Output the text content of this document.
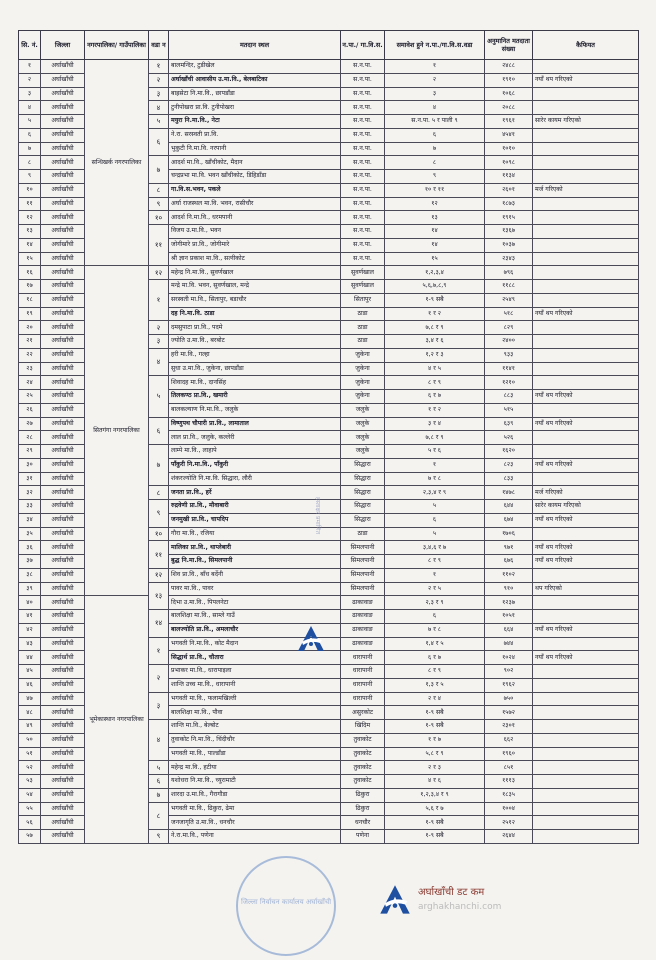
सि. नं.	जिल्ला	नगरपालिका/ गाउँपालिका	वडा न	मतदान स्थल	न.पा./ गा.वि.स.	समावेश हुने न.पा./गा.वि.स.वडा	अनुमानित मतदाता संख्या	कैफियत
१	अर्घाखाँची	सन्धिखर्क नगरपालिका	१	बालमन्दिर, टुडीखेल	स.न.पा.	१	२४८८	
२	अर्घाखाँची		२	अर्घाखाँची आवासीय उ.मा.वि., बेलबाटिका	स.न.पा.	२	१९१०	नयाँ थप गरिएको
३	अर्घाखाँची		३	बाह्रसेटा नि.मा.वि., छापडाँडा	स.न.पा.	३	१०६८	
४	अर्घाखाँची		४	टुनीपोखरा प्रा.वि. टुनीपोखरा	स.न.पा.	४	२०८८	
५	अर्घाखाँची		५	मयुरा नि.मा.वि., नेटा	स.न.पा.	स.न.पा. ५ र पाली ९	१९६१	सारेर कायम गरिएको
६	अर्घाखाँची		६	ने.रा. सरस्वती प्रा.वि.	स.न.पा.	६	४५४१	
७	अर्घाखाँची			भुकुटी नि.मा.वि. नरपानी	स.न.पा.	७	१०१०	
८	अर्घाखाँची		७	आदर्श मा.वि., खाँचीकोट, मैदान	स.न.पा.	८	१०९८	
९	अर्घाखाँची			चन्द्रप्रभा मा.वि. भवन खाँचीकोट, डिहिडाँडा	स.न.पा.	९	११३४	
१०	अर्घाखाँची		८	गा.वि.स.भवन, पकले	स.न.पा.	१० र ११	२६०१	मर्ज गरिएको
११	अर्घाखाँची		९	अर्घा राजस्थल मा.वि. भवन, रासीचौर	स.न.पा.	१२	१८७३	
१२	अर्घाखाँची		१०	आदर्श नि.मा.वि., धरमपानी	स.न.पा.	१३	१९१५	
१३	अर्घाखाँची		११	विजय उ.मा.वि., भवन	स.न.पा.	१४	१३६७	
१४	अर्घाखाँची			जोगीमारे प्रा.वि., जोगीमारे	स.न.पा.	१४	१०३७	
१५	अर्घाखाँची			श्री ज्ञान प्रकाश मा.वि., सत्नीकोट	स.न.पा.	१५	२३४३	
१६	अर्घाखाँची	सितगंगा नगरपालिका	१२	महेन्द्र नि.मा.वि., सुवर्णखाल	सुवर्णखाल	१,२,३,४	७९६	
१७	अर्घाखाँची		१	मन्द्रे मा.वि. भवन, सुवर्णखाल, मन्द्रे	सुवर्णखाल	५,६,७,८,९	११८८	
१८	अर्घाखाँची			सरस्वती मा.वि., सितापुर, बडाचौर	सितापुर	१-९ सबै	२५४९	
१९	अर्घाखाँची			दह नि.मा.वि. ठाडा	ठाडा	१ र २	५१८	नयाँ थप गरिएको
२०	अर्घाखाँची		२	दमसुपाटा प्रा.वि., पदमे	ठाडा	७,८ र ९	८२९	
२१	अर्घाखाँची		३	ज्योति उ.मा.वि., बरबोट	ठाडा	३,४ र ६	२४००	
२२	अर्घाखाँची		४	हरी मा.वि., गल्हा	जुकेना	१,२ र ३	९३३	
२३	अर्घाखाँची			सुधा उ.मा.वि., जुकेना, छापडाँडा	जुकेना	४ र ५	११४१	
२४	अर्घाखाँची		५	शिवादह मा.वि., दानसिंह	जुकेना	८ र ९	१२१०	
२५	अर्घाखाँची			तिलकण्ठ प्रा.वि., खमारी	जुकेना	६ र ७	८८३	नयाँ थप गरिएको
२६	अर्घाखाँची			बालकल्याण नि.मा.वि., जलुके	जलुके	१ र २	५१५	
२७	अर्घाखाँची		६	विष्णुपथ चौपारी प्रा.वि., लामाताल	जलुके	३ र ४	६३९	नयाँ थप गरिएको
२८	अर्घाखाँची			लाल प्रा.वि., जलुके, कल्लेरी	जलुके	७,८ र ९	५२६	
२९	अर्घाखाँची		७	लाम्पे मा.वि., लाहापे	जलुके	५ र ६	१६२०	
३०	अर्घाखाँची			पाँकुरी नि.मा.वि., पाँकुरी	सिद्धारा	१	८२३	नयाँ थप गरिएको
३१	अर्घाखाँची			शंकरज्योति नि.मा.वि. सिद्धारा, लौरी	सिद्धारा	७ र ८	८३३	
३२	अर्घाखाँची		८	जनता प्रा.वि., हर्रे	सिद्धारा	२,३,४ र ९	१४७८	मर्ज गरिएको
३३	अर्घाखाँची		९	रुद्रवेणी प्रा.वि., मौवाबारी	सिद्धारा	५	६४४	सारेर कायम गरिएको
३४	अर्घाखाँची			जनमुखी प्रा.वि., चापदिप	सिद्धारा	६	६७४	नयाँ थप गरिएको
३५	अर्घाखाँची		१०	गौरा मा.वि., रजिया	ठाडा	५	१७०६	
३६	अर्घाखाँची		११	मालिका प्रा.वि., थाप्लेबारी	सिमलपानी	३,४,६ र ७	९७१	नयाँ थप गरिएको
३७	अर्घाखाँची			बुद्ध नि.मा.वि., सिमलपानी	सिमलपानी	८ र ९	६७६	नयाँ थप गरिएको
३८	अर्घाखाँची		१२	शिव प्रा.वि., बाँध बर्देनी	सिमलपानी	१	११०२	
३९	अर्घाखाँची		१३	पावर मा.वि., पावर	सिमलपानी	२ र ५	९१०	थप गरिएको
४०	अर्घाखाँची	भूमेकास्थान नगरपालिका		दिभा उ.मा.वि., पिपलनेटा	ढाकावाङ	२,३ र ९	१२३७	
४१	अर्घाखाँची		१४	बालशिक्षा मा.वि., साम्ले गाउँ	ढाकावाङ	६	१०५१	
४२	अर्घाखाँची			बालज्योति प्रा.वि., अमलाचौर	ढाकावाङ	७ र ८	६६४	नयाँ थप गरिएको
४३	अर्घाखाँची		१	भगवती नि.मा.वि., कोट मैदान	ढाकावाङ	१,४ र ५	७४४	
४४	अर्घाखाँची			सिद्धार्थ प्रा.वि., चौतारा	धारापानी	६ र ७	१०२४	नयाँ थप गरिएको
४५	अर्घाखाँची		२	प्रभाकर मा.वि., धारापाइला	धारापानी	८ र ९	९०२	
४६	अर्घाखाँची			शान्ति उच्च मा.वि., धारापानी	धारापानी	१,३ र ५	१९६२	
४७	अर्घाखाँची		३	भगवती मा.वि., फलामखिल्ती	धारापानी	२ र ४	७५०	
४८	अर्घाखाँची			बालशिक्षा मा.वि., पौवा	असुरकोट	१-९ सबै	१५७२	
४९	अर्घाखाँची		४	शान्ति मा.वि., बेल्बोट	खिदिम	१-९ सबै	२३०१	
५०	अर्घाखाँची			तुवाकोट नि.मा.वि., चिंदीचौर	तुवाकोट	१ र ७	६६२	
५१	अर्घाखाँची			भगवती मा.वि., पाल्डाँडा	तुवाकोट	५,८ र ९	१९६०	
५२	अर्घाखाँची		५	महेन्द्र मा.वि., हटीया	तुवाकोट	२ र ३	८५१	
५३	अर्घाखाँची		६	यशोधरा नि.मा.वि., च्युरामाटी	तुवाकोट	४ र ६	१११३	
५४	अर्घाखाँची		७	शारदा उ.मा.वि., गैरागौडा	ढिकुरा	१,२,३,४ र ९	१८३५	
५५	अर्घाखाँची		८	भगवती मा.वि., ढिकुरा, ढेमा	ढिकुरा	५,६ र ७	१००४	
५६	अर्घाखाँची			जनजागृति उ.मा.वि., धनचौर	धनचौर	१-९ सबै	२५१२	
५७	अर्घाखाँची		९	ने.रा.मा.वि., पणेना	पणेना	१-९ सबै	२६४४	
हस्ताक्षर प्रमाणित
जिल्ला निर्वाचन कार्यालय अर्घाखाँची
अर्घाखाँची डट कम
arghakhanchi.com
